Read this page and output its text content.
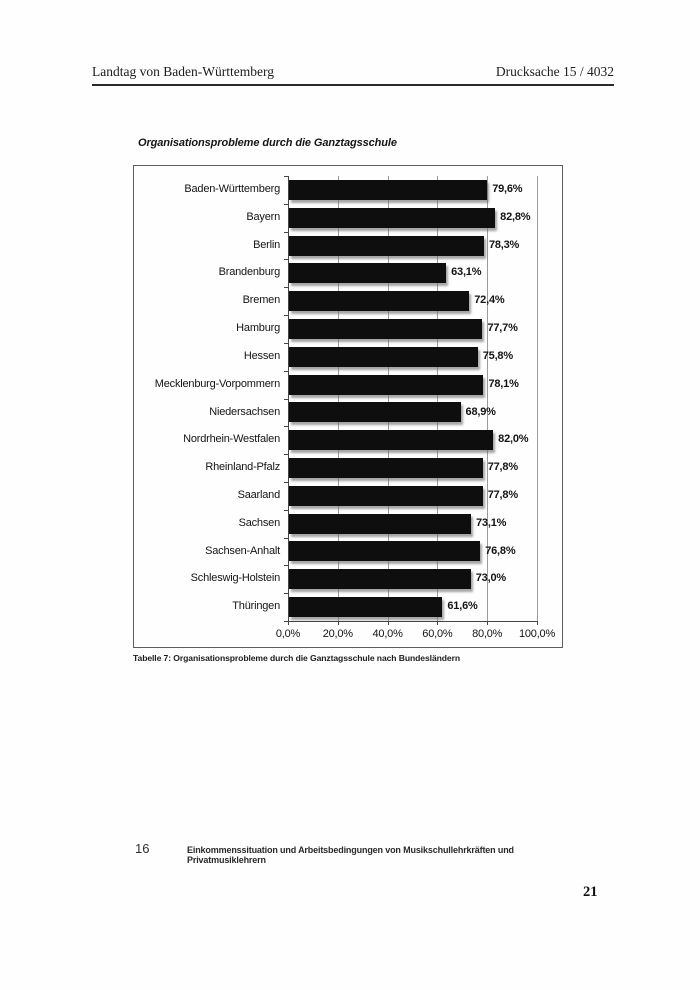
Landtag von Baden-Württemberg	Drucksache 15 / 4032
Organisationsprobleme durch die Ganztagsschule
Baden-Württemberg	79,6%
Bayern	82,8%
Berlin	78,3%
Brandenburg	63,1%
Bremen	72,4%
Hamburg	77,7%
Hessen	75,8%
Mecklenburg-Vorpommern	78,1%
Niedersachsen	68,9%
Nordrhein-Westfalen	82,0%
Rheinland-Pfalz	77,8%
Saarland	77,8%
Sachsen	73,1%
Sachsen-Anhalt	76,8%
Schleswig-Holstein	73,0%
Thüringen	61,6%
0,0%	20,0%	40,0%	60,0%	80,0%	100,0%
Tabelle 7: Organisationsprobleme durch die Ganztagsschule nach Bundesländern
16	Einkommenssituation und Arbeitsbedingungen von Musikschullehrkräften und Privatmusiklehrern
21
